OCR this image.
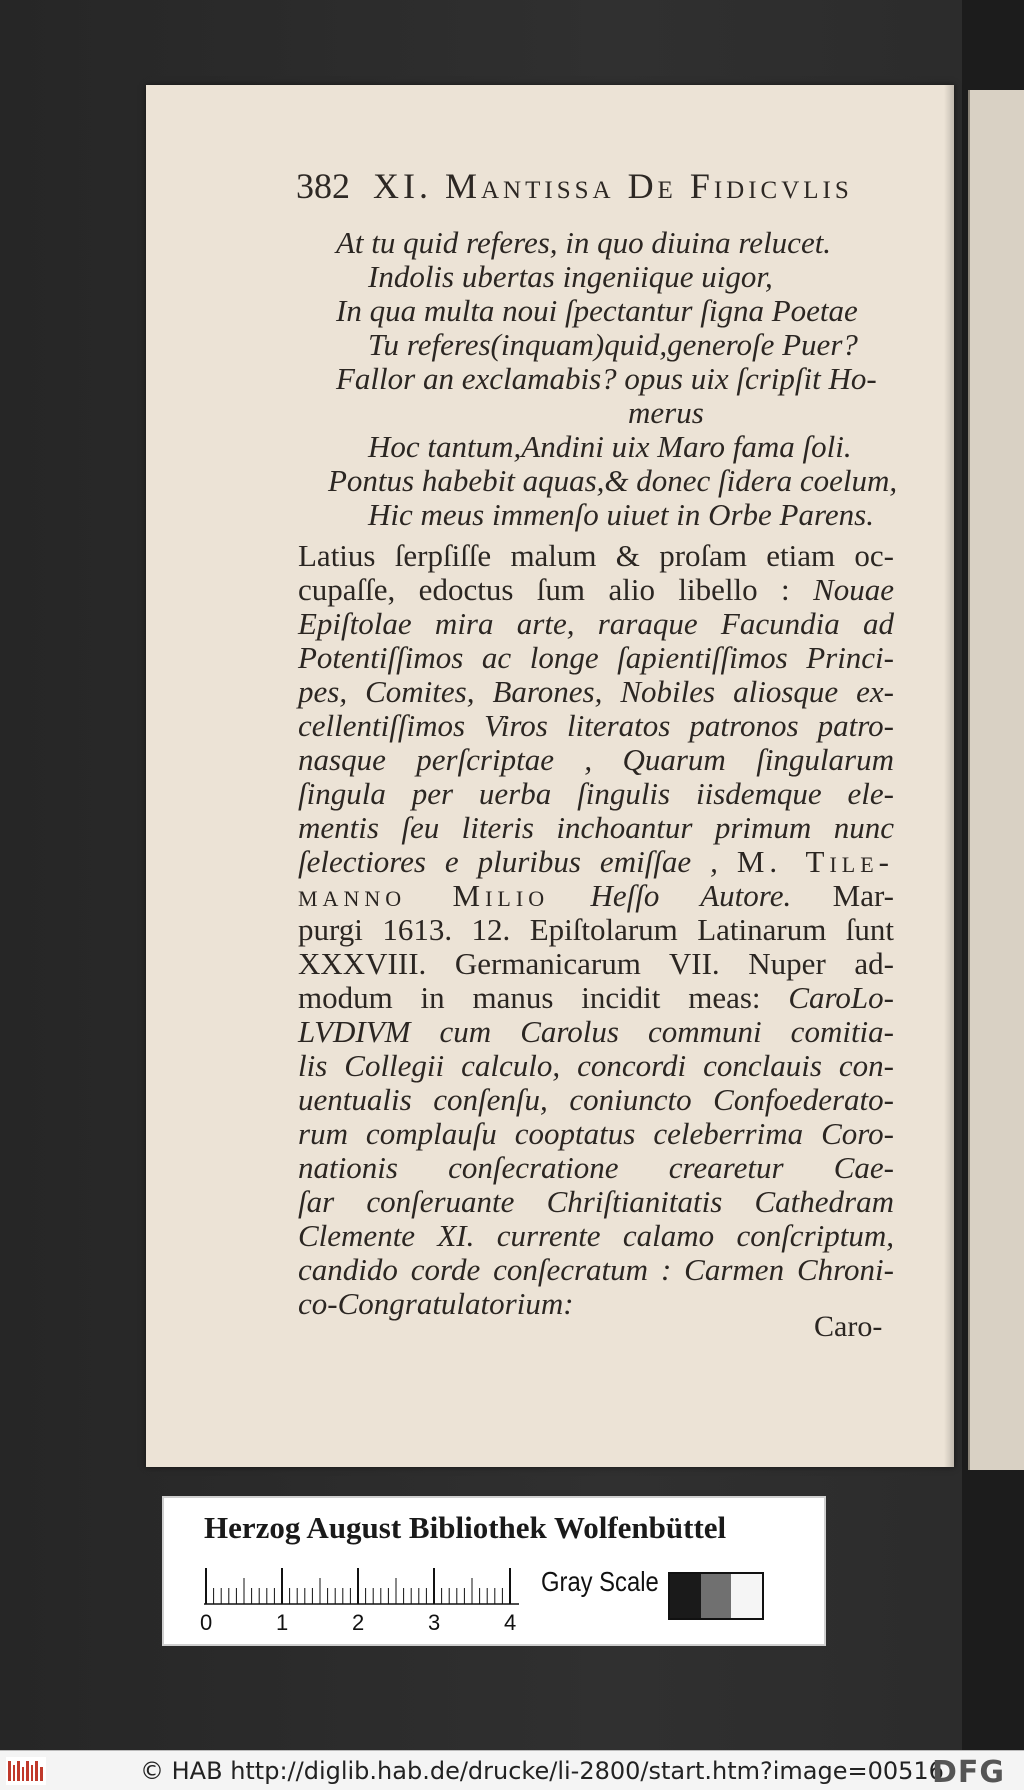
382 XI. Mantissa De Fidicvlis
At tu quid referes, in quo diuina relucet.
Indolis ubertas ingeniique uigor,
In qua multa noui ſpectantur ſigna Poetae
Tu referes(inquam)quid,generoſe Puer?
Fallor an exclamabis? opus uix ſcripſit Ho-
merus
Hoc tantum,Andini uix Maro fama ſoli.
Pontus habebit aquas,& donec ſidera coelum,
Hic meus immenſo uiuet in Orbe Parens.
Latius ſerpſiſſe malum & proſam etiam oc-
cupaſſe, edoctus ſum alio libello : Nouae
Epiſtolae mira arte, raraque Facundia ad
Potentiſſimos ac longe ſapientiſſimos Princi-
pes, Comites, Barones, Nobiles aliosque ex-
cellentiſſimos Viros literatos patronos patro-
nasque perſcriptae , Quarum ſingularum
ſingula per uerba ſingulis iisdemque ele-
mentis ſeu literis inchoantur primum nunc
ſelectiores e pluribus emiſſae , M. Tile-
manno Milio Heſſo Autore. Mar-
purgi 1613. 12. Epiſtolarum Latinarum ſunt
XXXVIII. Germanicarum VII. Nuper ad-
modum in manus incidit meas: CaroLo-
LVDIVM cum Carolus communi comitia-
lis Collegii calculo, concordi conclauis con-
uentualis conſenſu, coniuncto Confoederato-
rum complauſu cooptatus celeberrima Coro-
nationis conſecratione crearetur Cae-
ſar conſeruante Chriſtianitatis Cathedram
Clemente XI. currente calamo conſcriptum,
candido corde conſecratum : Carmen Chroni-
co-Congratulatorium:
Caro-
Herzog August Bibliothek Wolfenbüttel
0	1	2	3	4
Gray Scale
© HAB http://diglib.hab.de/drucke/li-2800/start.htm?image=00516
DFG
